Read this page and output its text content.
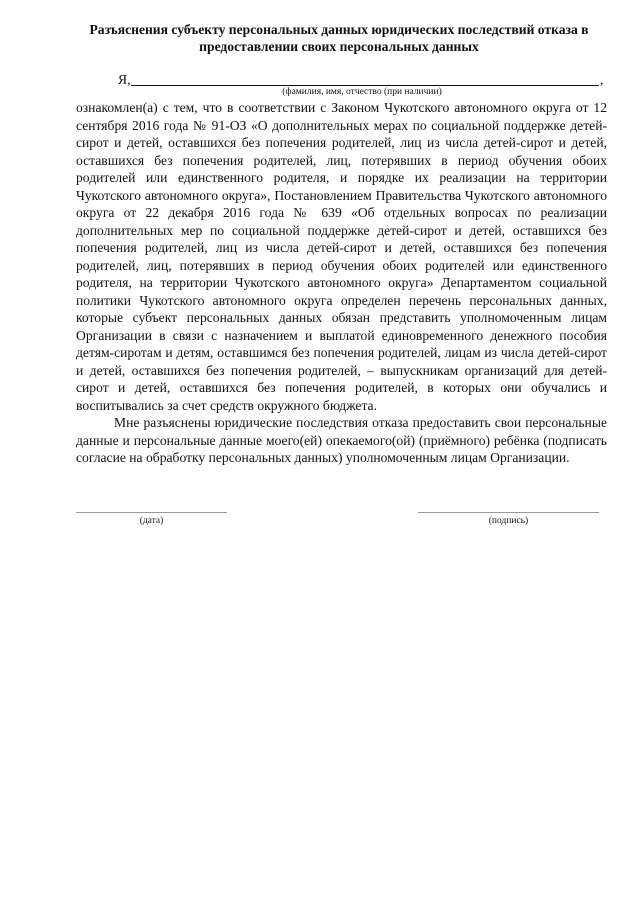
Разъяснения субъекту персональных данных юридических последствий отказа в
предоставлении своих персональных данных
Я,	,
(фамилия, имя, отчество (при наличии)

ознакомлен(а) с тем, что в соответствии с Законом Чукотского автономного округа от 12 сентября 2016 года № 91-ОЗ «О дополнительных мерах по социальной поддержке детей-сирот и детей, оставшихся без попечения родителей, лиц из числа детей-сирот и детей, оставшихся без попечения родителей, лиц, потерявших в период обучения обоих родителей или единственного родителя, и порядке их реализации на территории Чукотского автономного округа», Постановлением Правительства Чукотского автономного округа от 22 декабря 2016 года № 639 «Об отдельных вопросах по реализации дополнительных мер по социальной поддержке детей-сирот и детей, оставшихся без попечения родителей, лиц из числа детей-сирот и детей, оставшихся без попечения родителей, лиц, потерявших в период обучения обоих родителей или единственного родителя, на территории Чукотского автономного округа» Департаментом социальной политики Чукотского автономного округа определен перечень персональных данных, которые субъект персональных данных обязан представить уполномоченным лицам Организации в связи с назначением и выплатой единовременного денежного пособия детям-сиротам и детям, оставшимся без попечения родителей, лицам из числа детей-сирот и детей, оставшихся без попечения родителей, – выпускникам организаций для детей-сирот и детей, оставшихся без попечения родителей, в которых они обучались и воспитывались за счет средств окружного бюджета.

Мне разъяснены юридические последствия отказа предоставить свои персональные данные и персональные данные моего(ей) опекаемого(ой) (приёмного) ребёнка (подписать согласие на обработку персональных данных) уполномоченным лицам Организации.

(дата)	(подпись)
